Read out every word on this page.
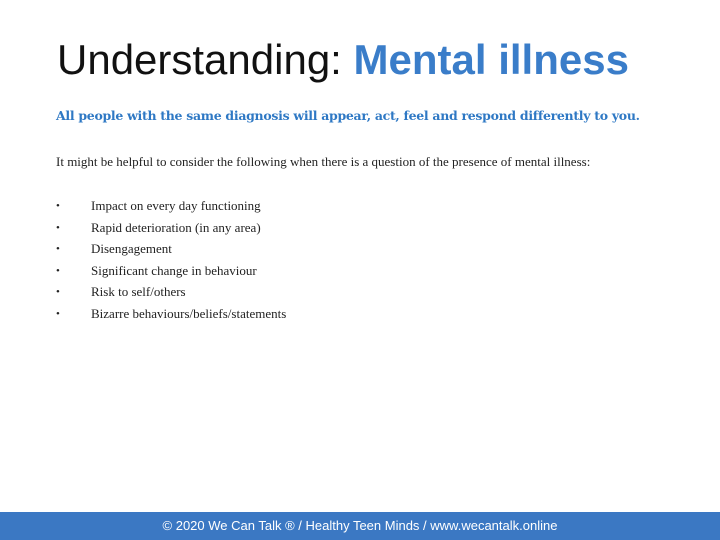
Understanding: Mental illness
All people with the same diagnosis will appear, act, feel and respond differently to you.
It might be helpful to consider the following when there is a question of the presence of mental illness:
•	Impact on every day functioning
•	Rapid deterioration (in any area)
•	Disengagement
•	Significant change in behaviour
•	Risk to self/others
•	Bizarre behaviours/beliefs/statements
© 2020 We Can Talk ® / Healthy Teen Minds / www.wecantalk.online
